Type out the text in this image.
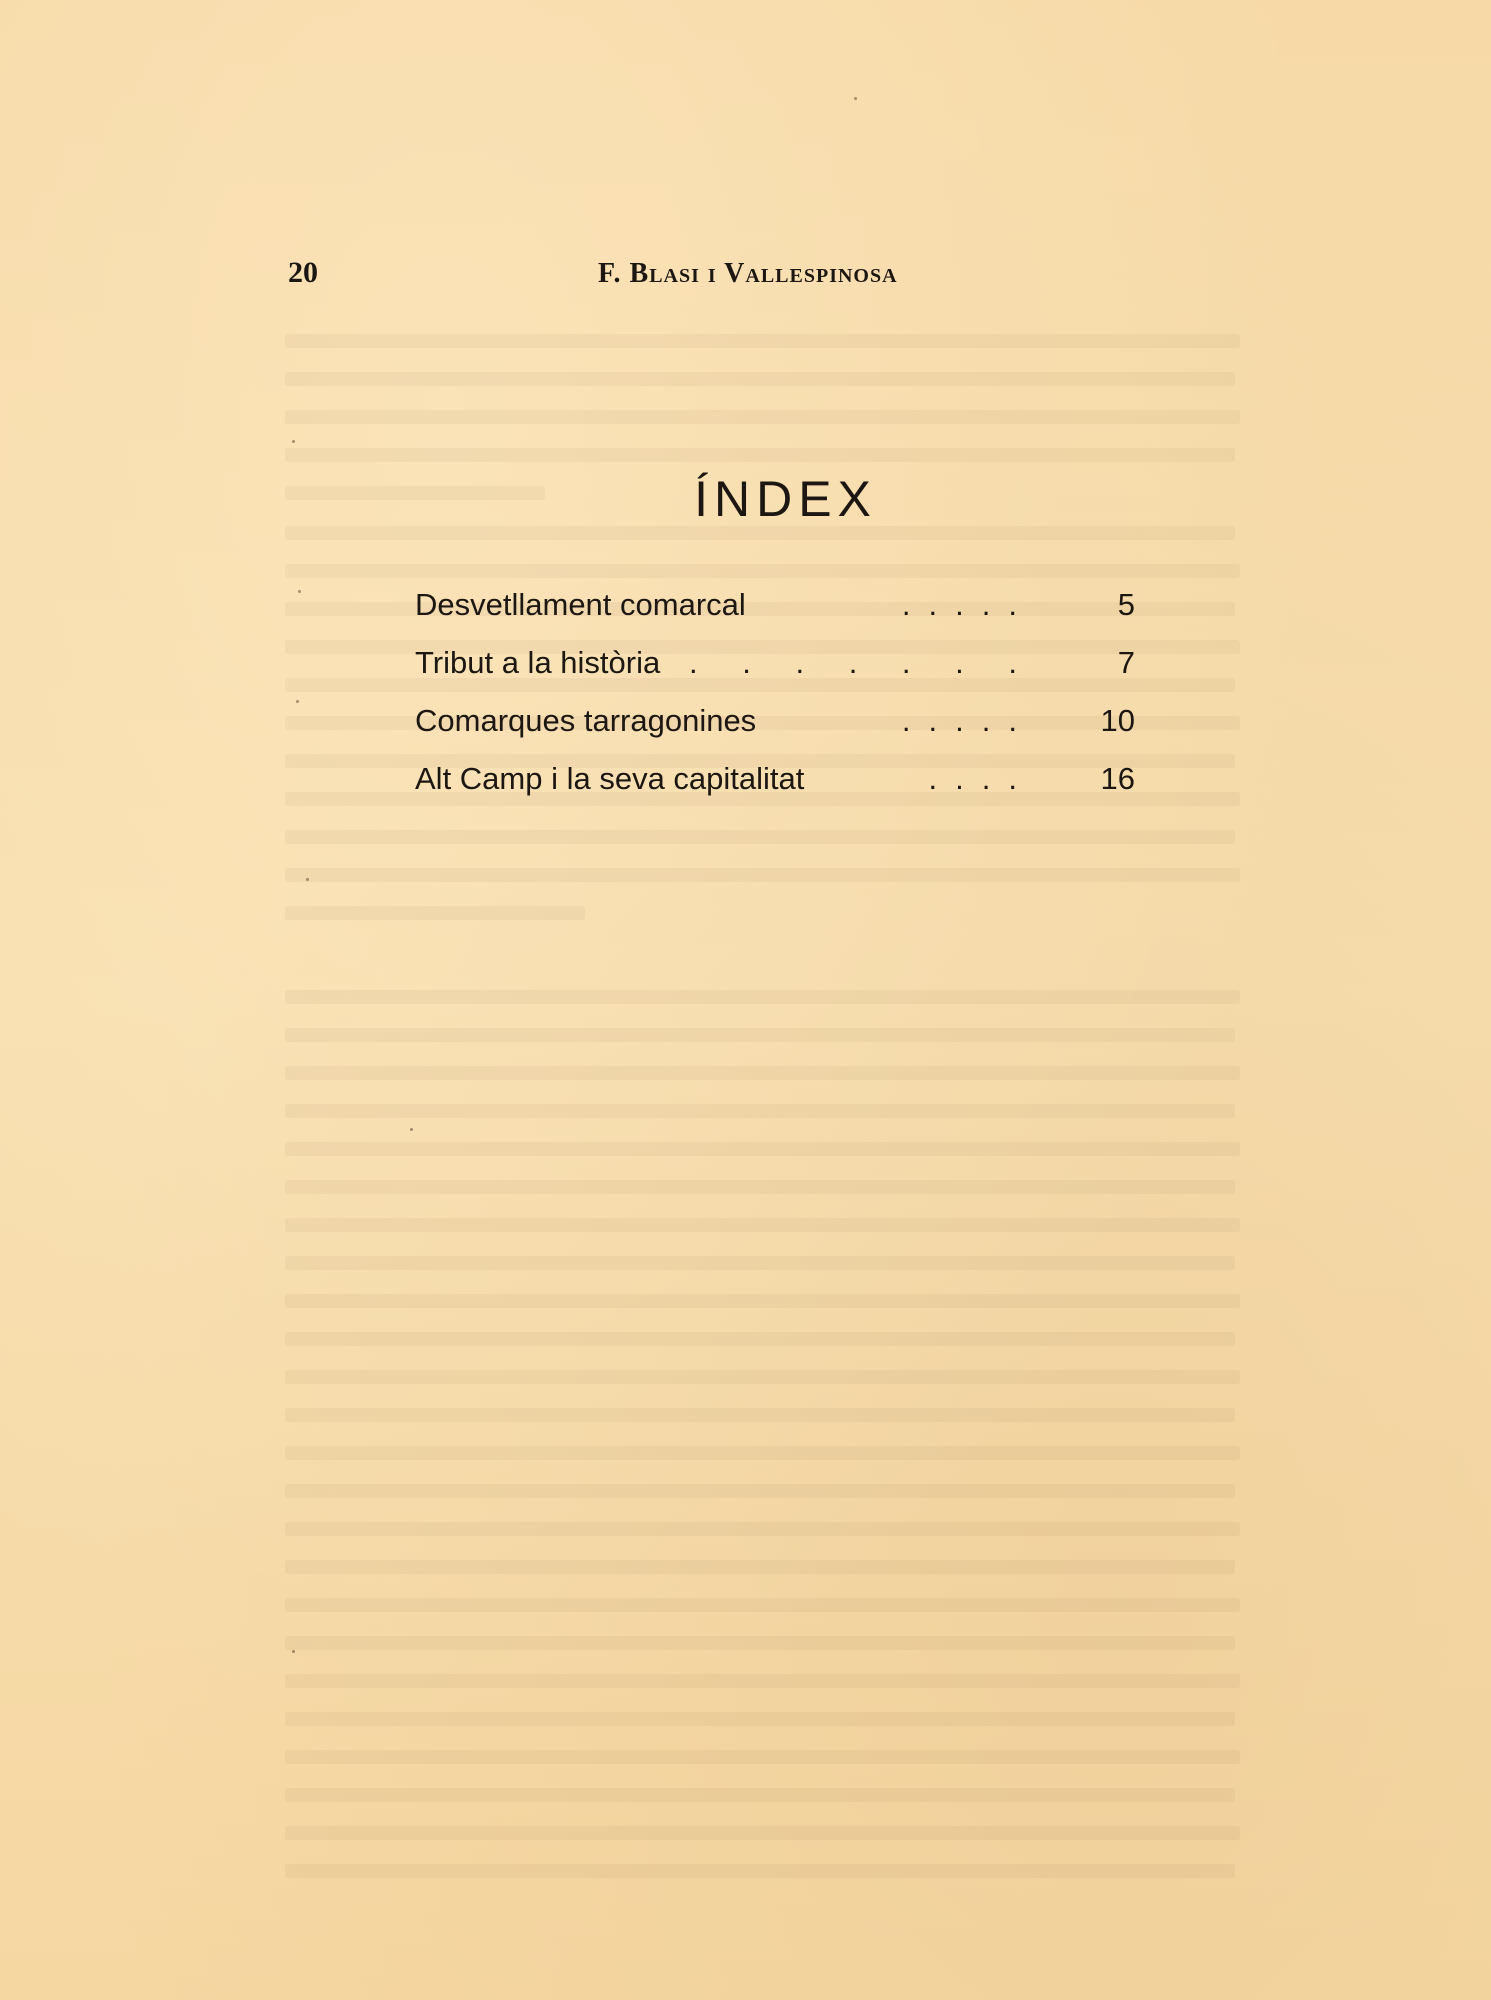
20	F. Blasi i Vallespinosa
ÍNDEX
Desvetllament comarcal	.....	5
Tribut a la història . . . . . . .	7
Comarques tarragonines	.....	10
Alt Camp i la seva capitalitat	....	16
